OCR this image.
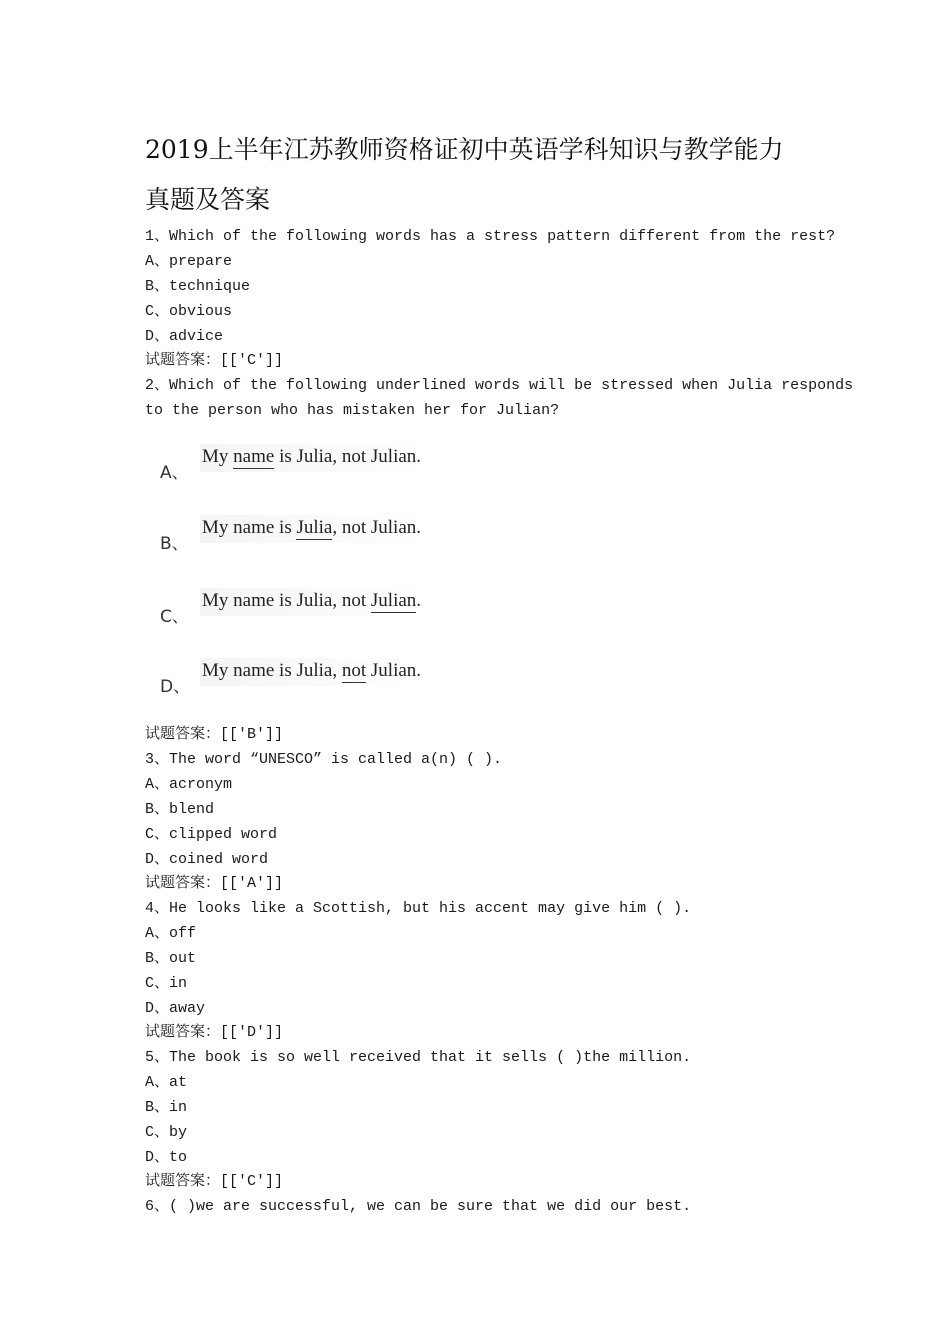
2019上半年江苏教师资格证初中英语学科知识与教学能力
真题及答案
1、Which of the following words has a stress pattern different from the rest?
A、prepare
B、technique
C、obvious
D、advice
试题答案：[['C']]
2、Which of the following underlined words will be stressed when Julia responds
to the person who has mistaken her for Julian?
A、
My name is Julia, not Julian.
B、
My name is Julia, not Julian.
C、
My name is Julia, not Julian.
D、
My name is Julia, not Julian.
试题答案：[['B']]
3、The word “UNESCO” is called a(n) ( ).
A、acronym
B、blend
C、clipped word
D、coined word
试题答案：[['A']]
4、He looks like a Scottish, but his accent may give him ( ).
A、off
B、out
C、in
D、away
试题答案：[['D']]
5、The book is so well received that it sells ( )the million.
A、at
B、in
C、by
D、to
试题答案：[['C']]
6、( )we are successful, we can be sure that we did our best.
